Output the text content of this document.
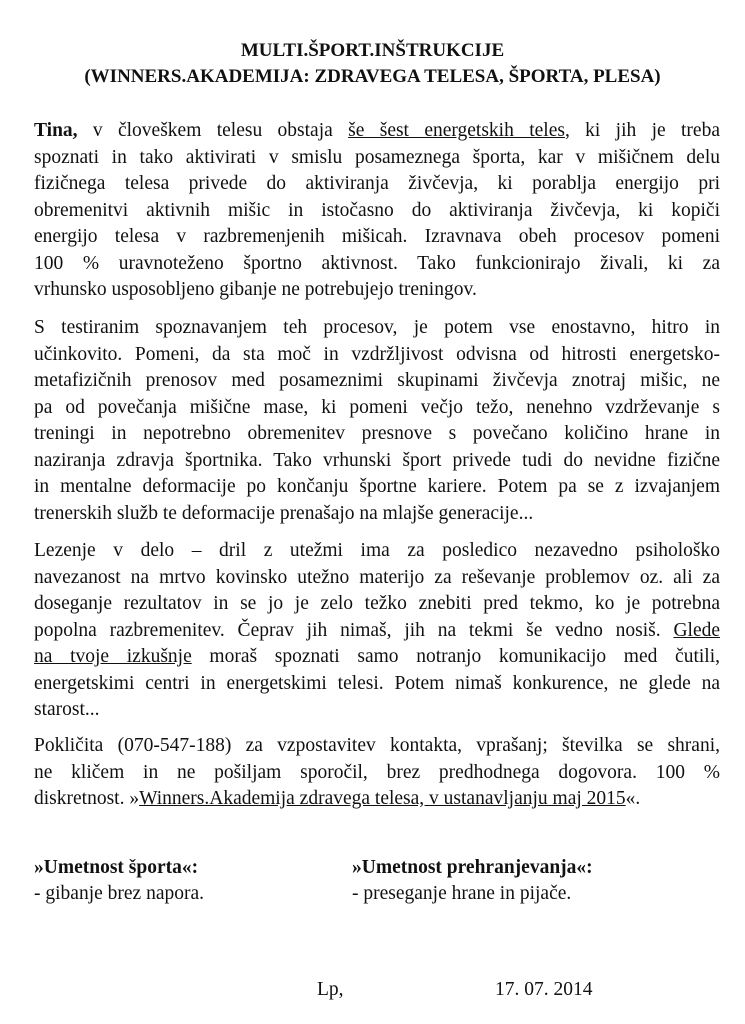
MULTI.ŠPORT.INŠTRUKCIJE
(WINNERS.AKADEMIJA: ZDRAVEGA TELESA, ŠPORTA, PLESA)
Tina, v človeškem telesu obstaja še šest energetskih teles, ki jih je treba
spoznati in tako aktivirati v smislu posameznega športa, kar v mišičnem delu
fizičnega telesa privede do aktiviranja živčevja, ki porablja energijo pri
obremenitvi aktivnih mišic in istočasno do aktiviranja živčevja, ki kopiči
energijo telesa v razbremenjenih mišicah. Izravnava obeh procesov pomeni
100 % uravnoteženo športno aktivnost. Tako funkcionirajo živali, ki za
vrhunsko usposobljeno gibanje ne potrebujejo treningov.
S testiranim spoznavanjem teh procesov, je potem vse enostavno, hitro in
učinkovito. Pomeni, da sta moč in vzdržljivost odvisna od hitrosti energetsko-
metafizičnih prenosov med posameznimi skupinami živčevja znotraj mišic, ne
pa od povečanja mišične mase, ki pomeni večjo težo, nenehno vzdrževanje s
treningi in nepotrebno obremenitev presnove s povečano količino hrane in
naziranja zdravja športnika. Tako vrhunski šport privede tudi do nevidne fizične
in mentalne deformacije po končanju športne kariere. Potem pa se z izvajanjem
trenerskih služb te deformacije prenašajo na mlajše generacije...
Lezenje v delo – dril z utežmi ima za posledico nezavedno psihološko
navezanost na mrtvo kovinsko utežno materijo za reševanje problemov oz. ali za
doseganje rezultatov in se jo je zelo težko znebiti pred tekmo, ko je potrebna
popolna razbremenitev. Čeprav jih nimaš, jih na tekmi še vedno nosiš. Glede
na tvoje izkušnje moraš spoznati samo notranjo komunikacijo med čutili,
energetskimi centri in energetskimi telesi. Potem nimaš konkurence, ne glede na
starost...
Pokličita (070-547-188) za vzpostavitev kontakta, vprašanj; številka se shrani,
ne kličem in ne pošiljam sporočil, brez predhodnega dogovora. 100 %
diskretnost. »Winners.Akademija zdravega telesa, v ustanavljanju maj 2015«.
»Umetnost športa«:
- gibanje brez napora.
»Umetnost prehranjevanja«:
- preseganje hrane in pijače.
Lp,	17. 07. 2014
